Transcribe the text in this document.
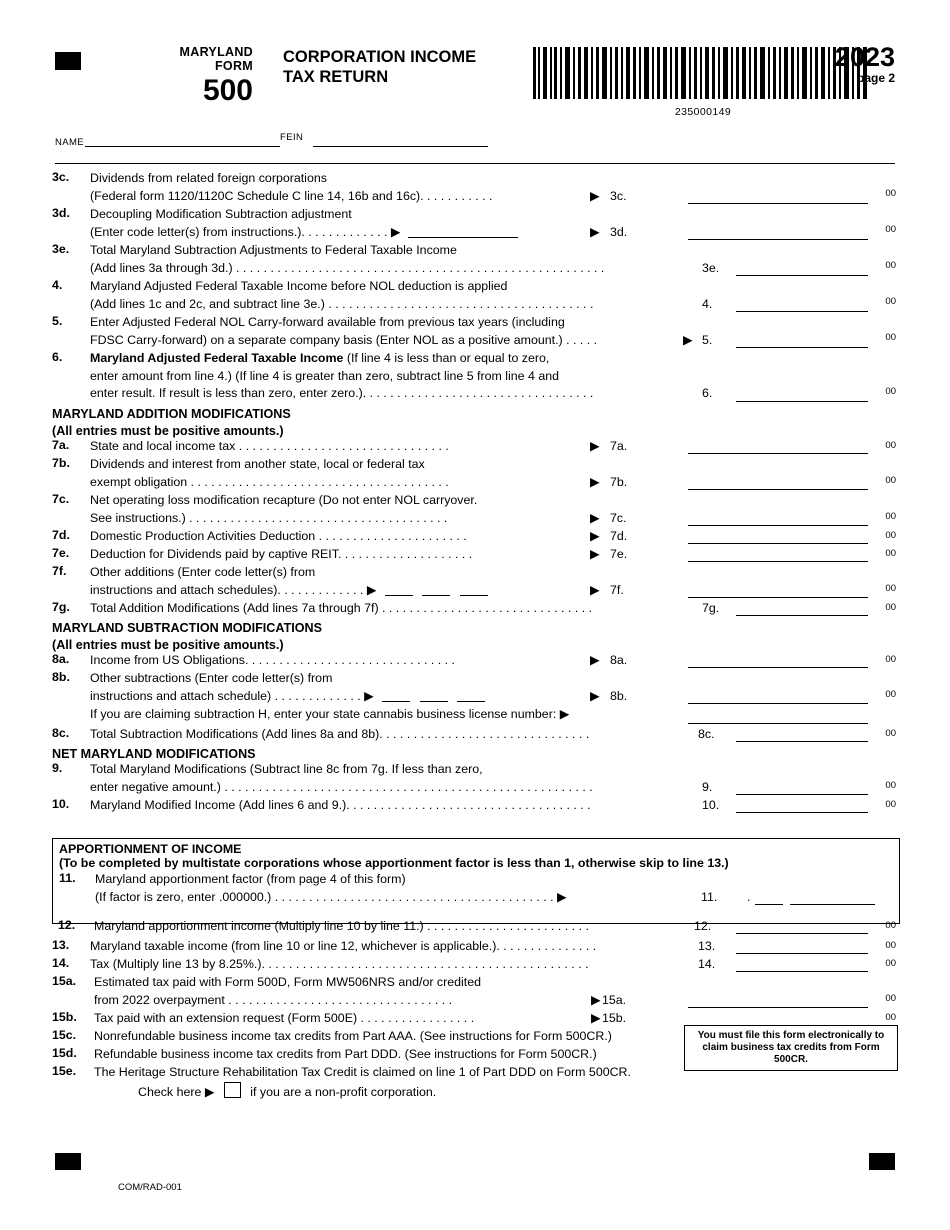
MARYLAND
FORM
500
CORPORATION INCOME
TAX RETURN
235000149
2023
page 2
NAME	FEIN
3c.	Dividends from related foreign corporations
(Federal form 1120/1120C Schedule C line 14, 16b and 16c). . . . . . . . . . .	▶ 3c.	00
3d.	Decoupling Modification Subtraction adjustment
(Enter code letter(s) from instructions.). . . . . . . . . . . . . ▶	▶ 3d.	00
3e.	Total Maryland Subtraction Adjustments to Federal Taxable Income
(Add lines 3a through 3d.) . . . . . . . . . . . . . . . . . . . . . . . . . . . . . . . . . . . . . . . . . . . . . . . . . . . . . .	3e.	00
4.	Maryland Adjusted Federal Taxable Income before NOL deduction is applied
(Add lines 1c and 2c, and subtract line 3e.) . . . . . . . . . . . . . . . . . . . . . . . . . . . . . . . . . . . . . . .	4.	00
5.	Enter Adjusted Federal NOL Carry-forward available from previous tax years (including
FDSC Carry-forward) on a separate company basis (Enter NOL as a positive amount.) . . . . .	▶ 5.	00
6.	Maryland Adjusted Federal Taxable Income (If line 4 is less than or equal to zero,
enter amount from line 4.) (If line 4 is greater than zero, subtract line 5 from line 4 and
enter result. If result is less than zero, enter zero.). . . . . . . . . . . . . . . . . . . . . . . . . . . . . . . . . .	6.	00
MARYLAND ADDITION MODIFICATIONS
(All entries must be positive amounts.)
7a.	State and local income tax . . . . . . . . . . . . . . . . . . . . . . . . . . . . . . .	▶ 7a.	00
7b.	Dividends and interest from another state, local or federal tax
exempt obligation . . . . . . . . . . . . . . . . . . . . . . . . . . . . . . . . . . . . . .	▶ 7b.	00
7c.	Net operating loss modification recapture (Do not enter NOL carryover.
See instructions.) . . . . . . . . . . . . . . . . . . . . . . . . . . . . . . . . . . . . . .	▶ 7c.	00
7d.	Domestic Production Activities Deduction . . . . . . . . . . . . . . . . . . . . . .	▶ 7d.	00
7e.	Deduction for Dividends paid by captive REIT. . . . . . . . . . . . . . . . . . . .	▶ 7e.	00
7f.	Other additions (Enter code letter(s) from
instructions and attach schedules). . . . . . . . . . . . . ▶	▶ 7f.	00
7g.	Total Addition Modifications (Add lines 7a through 7f) . . . . . . . . . . . . . . . . . . . . . . . . . . . . . . .	7g.	00
MARYLAND SUBTRACTION MODIFICATIONS
(All entries must be positive amounts.)
8a.	Income from US Obligations. . . . . . . . . . . . . . . . . . . . . . . . . . . . . . .	▶ 8a.	00
8b.	Other subtractions (Enter code letter(s) from
instructions and attach schedule) . . . . . . . . . . . . . ▶	▶ 8b.	00
If you are claiming subtraction H, enter your state cannabis business license number: ▶
8c.	Total Subtraction Modifications (Add lines 8a and 8b). . . . . . . . . . . . . . . . . . . . . . . . . . . . . . .	8c.	00
NET MARYLAND MODIFICATIONS
9.	Total Maryland Modifications (Subtract line 8c from 7g. If less than zero,
enter negative amount.) . . . . . . . . . . . . . . . . . . . . . . . . . . . . . . . . . . . . . . . . . . . . . . . . . . . . . .	9.	00
10.	Maryland Modified Income (Add lines 6 and 9.). . . . . . . . . . . . . . . . . . . . . . . . . . . . . . . . . . . .	10.	00
APPORTIONMENT OF INCOME
(To be completed by multistate corporations whose apportionment factor is less than 1, otherwise skip to line 13.)
11.	Maryland apportionment factor (from page 4 of this form)
(If factor is zero, enter .000000.) . . . . . . . . . . . . . . . . . . . . . . . . . . . . . . . . . . . . . . . . . ▶	11. .
12.	Maryland apportionment income (Multiply line 10 by line 11.) . . . . . . . . . . . . . . . . . . . . . . . .	12.	00
13.	Maryland taxable income (from line 10 or line 12, whichever is applicable.). . . . . . . . . . . . . . .	13.	00
14.	Tax (Multiply line 13 by 8.25%.). . . . . . . . . . . . . . . . . . . . . . . . . . . . . . . . . . . . . . . . . . . . . . . .	14.	00
15a.	Estimated tax paid with Form 500D, Form MW506NRS and/or credited
from 2022 overpayment . . . . . . . . . . . . . . . . . . . . . . . . . . . . . . . . .	▶ 15a.	00
15b.	Tax paid with an extension request (Form 500E) . . . . . . . . . . . . . . . . .	▶ 15b.	00
15c.	Nonrefundable business income tax credits from Part AAA. (See instructions for Form 500CR.)
15d.	Refundable business income tax credits from Part DDD. (See instructions for Form 500CR.)
15e.	The Heritage Structure Rehabilitation Tax Credit is claimed on line 1 of Part DDD on Form 500CR.
Check here ▶	if you are a non-profit corporation.
You must file this form electronically to
claim business tax credits from Form 500CR.
COM/RAD-001
